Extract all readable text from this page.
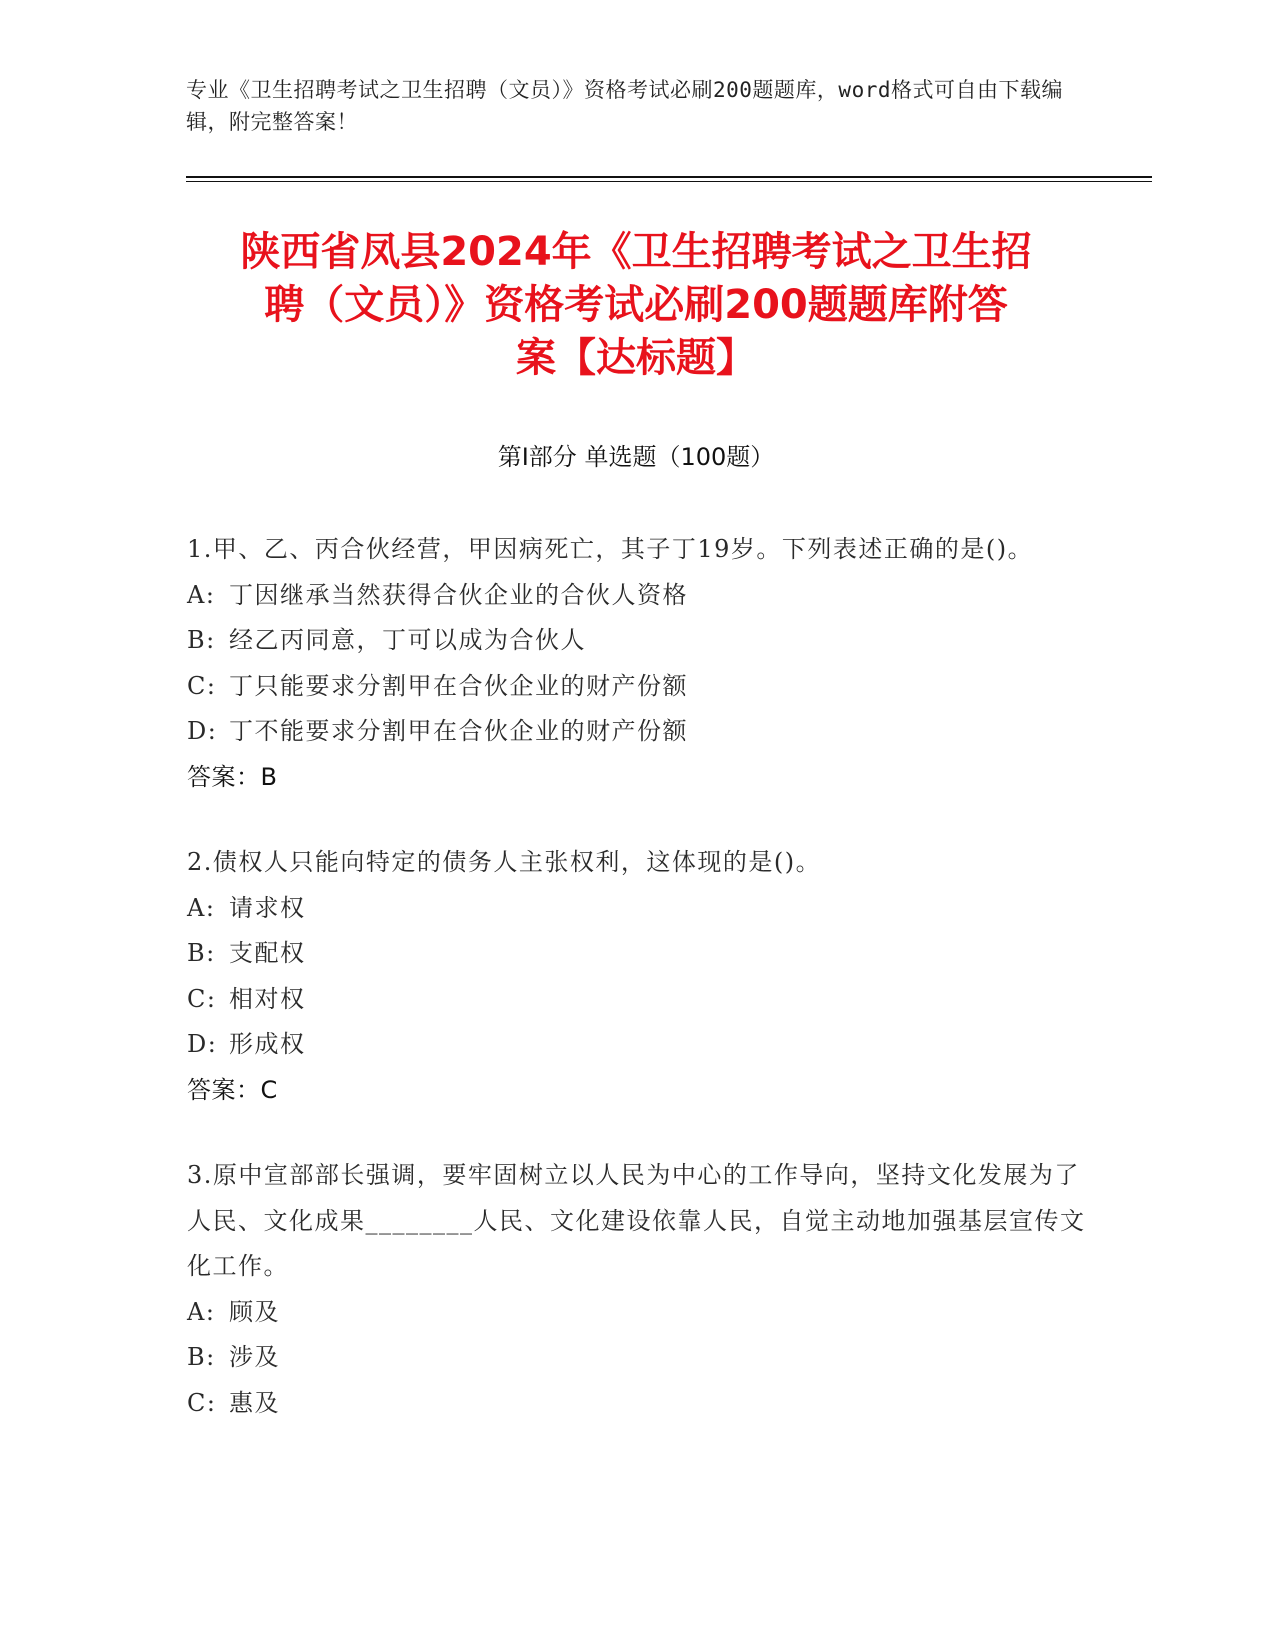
专业《卫生招聘考试之卫生招聘（文员）》资格考试必刷200题题库，word格式可自由下载编辑，附完整答案！
陕西省凤县2024年《卫生招聘考试之卫生招
聘（文员）》资格考试必刷200题题库附答
案【达标题】
第Ⅰ部分 单选题（100题）

1.甲、乙、丙合伙经营，甲因病死亡，其子丁19岁。下列表述正确的是()。

A: 丁因继承当然获得合伙企业的合伙人资格
B: 经乙丙同意，丁可以成为合伙人
C: 丁只能要求分割甲在合伙企业的财产份额
D: 丁不能要求分割甲在合伙企业的财产份额

答案：B

2.债权人只能向特定的债务人主张权利，这体现的是()。

A: 请求权
B: 支配权
C: 相对权
D: 形成权

答案：C

3.原中宣部部长强调，要牢固树立以人民为中心的工作导向，坚持文化发展为了人民、文化成果________人民、文化建设依靠人民，自觉主动地加强基层宣传文化工作。

A: 顾及
B: 涉及
C: 惠及
